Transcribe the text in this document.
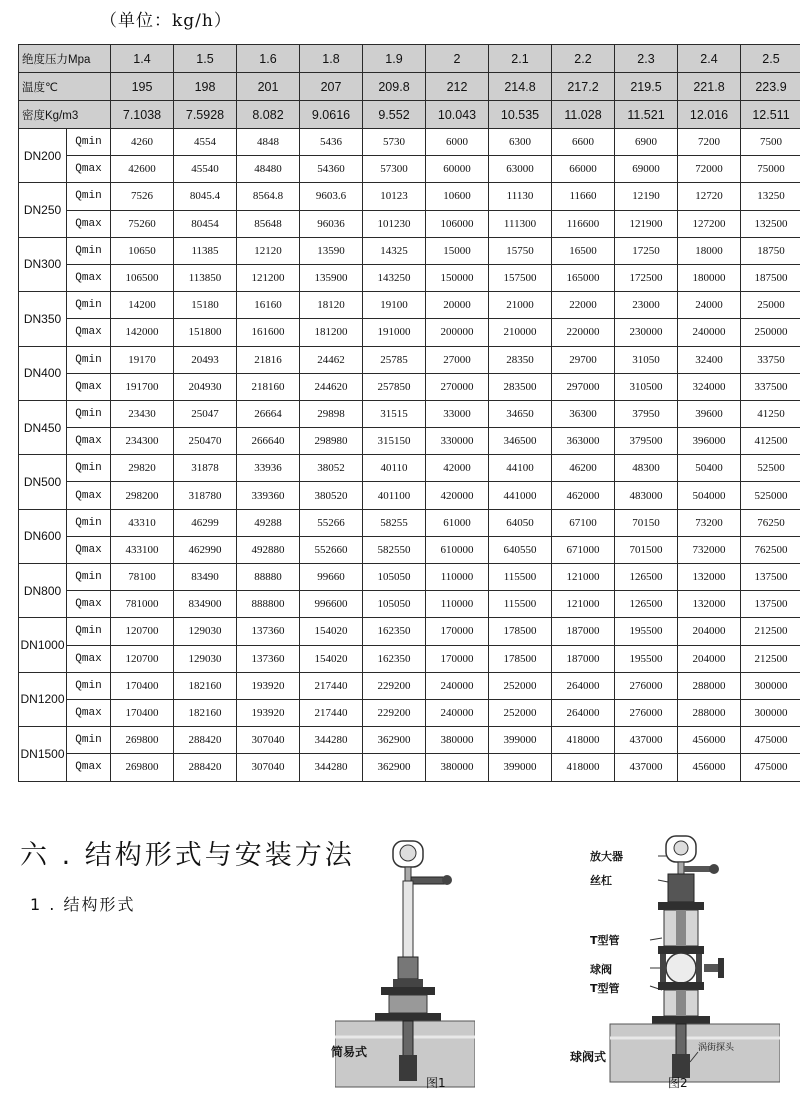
（单位：kg/h）
绝度压力Mpa		1.4	1.5	1.6	1.8	1.9	2	2.1	2.2	2.3	2.4	2.5
温度℃		195	198	201	207	209.8	212	214.8	217.2	219.5	221.8	223.9
密度Kg/m3		7.1038	7.5928	8.082	9.0616	9.552	10.043	10.535	11.028	11.521	12.016	12.511
DN200	Qmin	4260	4554	4848	5436	5730	6000	6300	6600	6900	7200	7500
	Qmax	42600	45540	48480	54360	57300	60000	63000	66000	69000	72000	75000
DN250	Qmin	7526	8045.4	8564.8	9603.6	10123	10600	11130	11660	12190	12720	13250
	Qmax	75260	80454	85648	96036	101230	106000	111300	116600	121900	127200	132500
DN300	Qmin	10650	11385	12120	13590	14325	15000	15750	16500	17250	18000	18750
	Qmax	106500	113850	121200	135900	143250	150000	157500	165000	172500	180000	187500
DN350	Qmin	14200	15180	16160	18120	19100	20000	21000	22000	23000	24000	25000
	Qmax	142000	151800	161600	181200	191000	200000	210000	220000	230000	240000	250000
DN400	Qmin	19170	20493	21816	24462	25785	27000	28350	29700	31050	32400	33750
	Qmax	191700	204930	218160	244620	257850	270000	283500	297000	310500	324000	337500
DN450	Qmin	23430	25047	26664	29898	31515	33000	34650	36300	37950	39600	41250
	Qmax	234300	250470	266640	298980	315150	330000	346500	363000	379500	396000	412500
DN500	Qmin	29820	31878	33936	38052	40110	42000	44100	46200	48300	50400	52500
	Qmax	298200	318780	339360	380520	401100	420000	441000	462000	483000	504000	525000
DN600	Qmin	43310	46299	49288	55266	58255	61000	64050	67100	70150	73200	76250
	Qmax	433100	462990	492880	552660	582550	610000	640550	671000	701500	732000	762500
DN800	Qmin	78100	83490	88880	99660	105050	110000	115500	121000	126500	132000	137500
	Qmax	781000	834900	888800	996600	105050	110000	115500	121000	126500	132000	137500
DN1000	Qmin	120700	129030	137360	154020	162350	170000	178500	187000	195500	204000	212500
	Qmax	120700	129030	137360	154020	162350	170000	178500	187000	195500	204000	212500
DN1200	Qmin	170400	182160	193920	217440	229200	240000	252000	264000	276000	288000	300000
	Qmax	170400	182160	193920	217440	229200	240000	252000	264000	276000	288000	300000
DN1500	Qmin	269800	288420	307040	344280	362900	380000	399000	418000	437000	456000	475000
	Qmax	269800	288420	307040	344280	362900	380000	399000	418000	437000	456000	475000
六 . 结构形式与安装方法
1 . 结构形式
简易式
图1
放大器
丝杠
T型管
球阀
T型管
涡街探头
球阀式
图2
